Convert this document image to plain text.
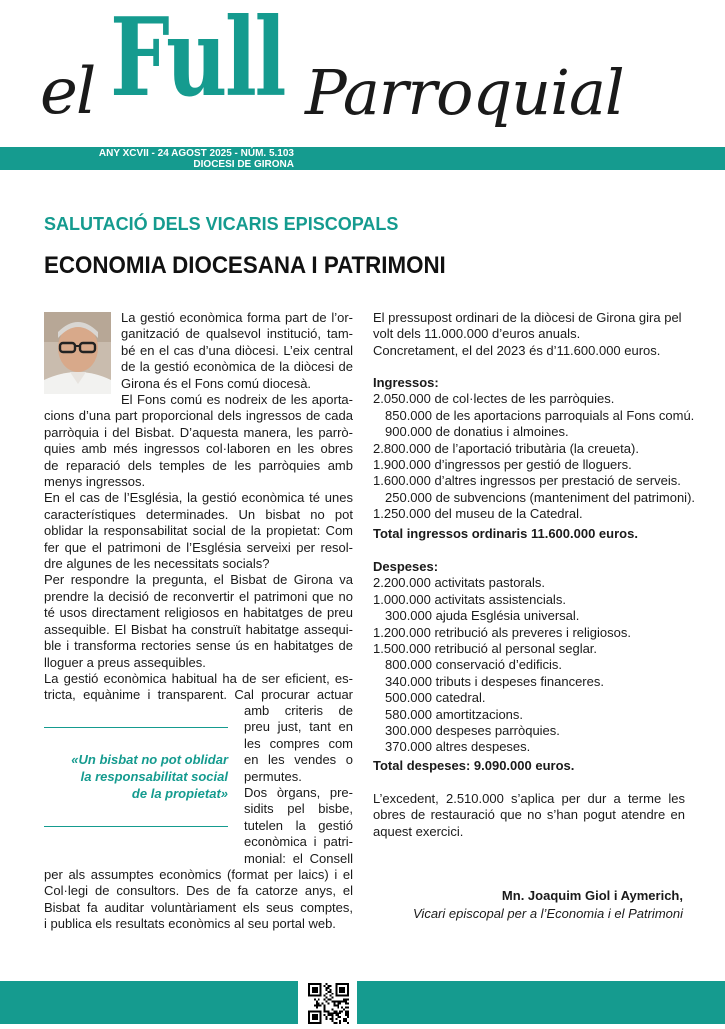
Full
el	Parroquial
ANY XCVII - 24 AGOST 2025 - NÚM. 5.103
DIOCESI DE GIRONA
SALUTACIÓ DELS VICARIS EPISCOPALS
ECONOMIA DIOCESANA I PATRIMONI
La gestió econòmica forma part de l’or-
ganització de qualsevol institució, tam-
bé en el cas d’una diòcesi. L’eix central
de la gestió econòmica de la diòcesi de
Girona és el Fons comú diocesà.
El Fons comú es nodreix de les aporta-
cions d’una part proporcional dels ingressos de cada
parròquia i del Bisbat. D’aquesta manera, les parrò-
quies amb més ingressos col·laboren en les obres
de reparació dels temples de les parròquies amb
menys ingressos.
En el cas de l’Església, la gestió econòmica té unes
característiques determinades. Un bisbat no pot
oblidar la responsabilitat social de la propietat: Com
fer que el patrimoni de l’Església serveixi per resol-
dre algunes de les necessitats socials?
Per respondre la pregunta, el Bisbat de Girona va
prendre la decisió de reconvertir el patrimoni que no
té usos directament religiosos en habitatges de preu
assequible. El Bisbat ha construït habitatge assequi-
ble i transforma rectories sense ús en habitatges de
lloguer a preus assequibles.
La gestió econòmica habitual ha de ser eficient, es-
tricta, equànime i transparent. Cal procurar actuar
amb criteris de
preu just, tant en
les compres com
en les vendes o
permutes.
Dos òrgans, pre-
sidits pel bisbe,
tutelen la gestió
econòmica i patri-
monial: el Consell
«Un bisbat no pot oblidar
la responsabilitat social
de la propietat»
per als assumptes econòmics (format per laics) i el
Col·legi de consultors. Des de fa catorze anys, el
Bisbat fa auditar voluntàriament els seus comptes,
i publica els resultats econòmics al seu portal web.
El pressupost ordinari de la diòcesi de Girona gira pel
volt dels 11.000.000 d’euros anuals.
Concretament, el del 2023 és d’11.600.000 euros.
Ingressos:
2.050.000 de col·lectes de les parròquies.
850.000 de les aportacions parroquials al Fons comú.
900.000 de donatius i almoines.
2.800.000 de l’aportació tributària (la creueta).
1.900.000 d’ingressos per gestió de lloguers.
1.600.000 d’altres ingressos per prestació de serveis.
250.000 de subvencions (manteniment del patrimoni).
1.250.000 del museu de la Catedral.
Total ingressos ordinaris 11.600.000 euros.
Despeses:
2.200.000 activitats pastorals.
1.000.000 activitats assistencials.
300.000 ajuda Església universal.
1.200.000 retribució als preveres i religiosos.
1.500.000 retribució al personal seglar.
800.000 conservació d’edificis.
340.000 tributs i despeses financeres.
500.000 catedral.
580.000 amortitzacions.
300.000 despeses parròquies.
370.000 altres despeses.
Total despeses: 9.090.000 euros.
L’excedent, 2.510.000 s’aplica per dur a terme les
obres de restauració que no s’han pogut atendre en
aquest exercici.
Mn. Joaquim Giol i Aymerich,
Vicari episcopal per a l’Economia i el Patrimoni
